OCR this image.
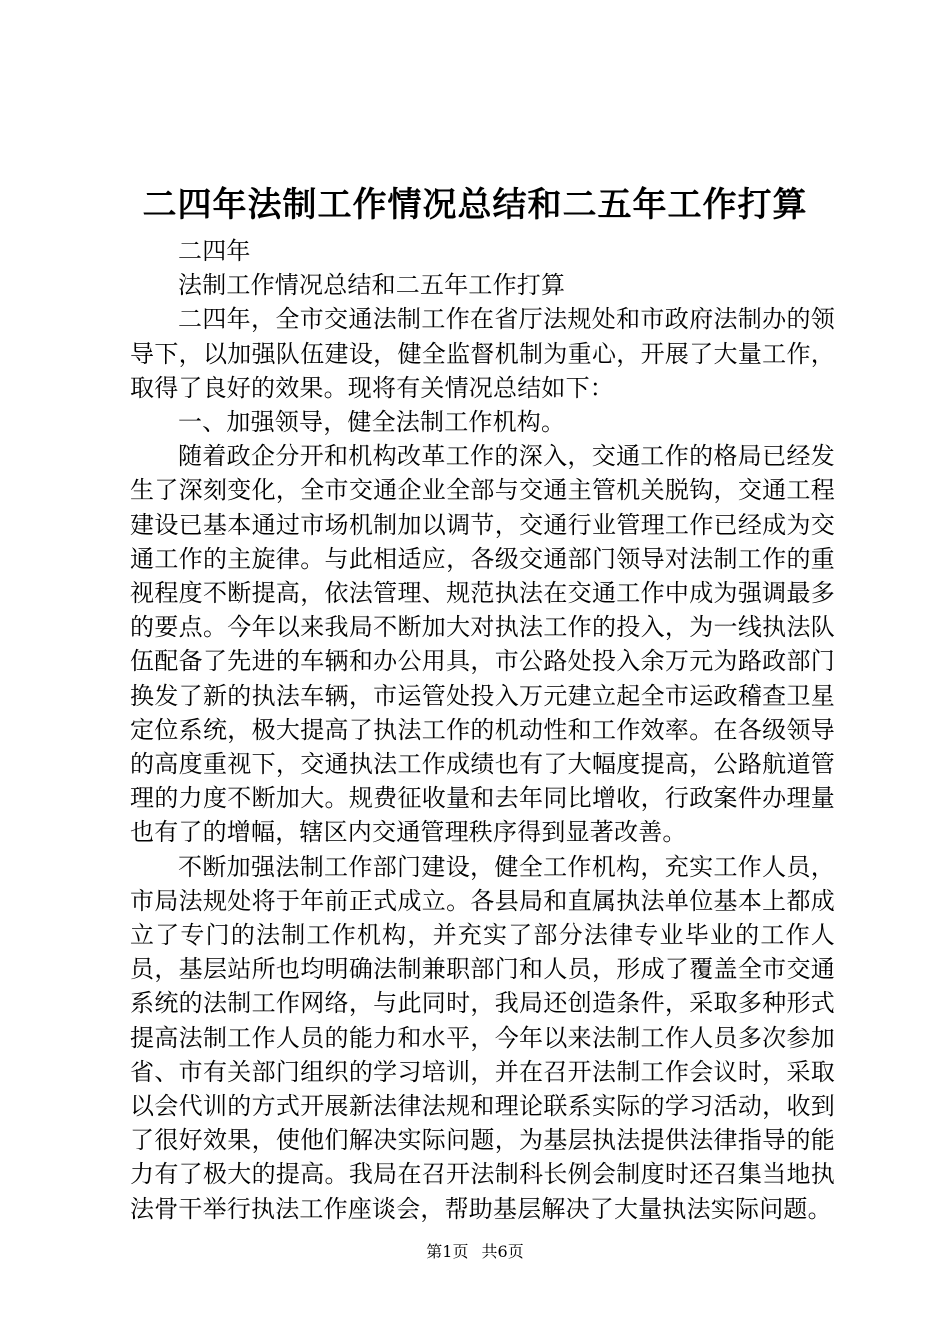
二四年法制工作情况总结和二五年工作打算

二四年

法制工作情况总结和二五年工作打算

二四年，全市交通法制工作在省厅法规处和市政府法制办的领导下，以加强队伍建设，健全监督机制为重心，开展了大量工作，取得了良好的效果。现将有关情况总结如下：

一、加强领导，健全法制工作机构。

随着政企分开和机构改革工作的深入，交通工作的格局已经发生了深刻变化，全市交通企业全部与交通主管机关脱钩，交通工程建设已基本通过市场机制加以调节，交通行业管理工作已经成为交通工作的主旋律。与此相适应，各级交通部门领导对法制工作的重视程度不断提高，依法管理、规范执法在交通工作中成为强调最多的要点。今年以来我局不断加大对执法工作的投入，为一线执法队伍配备了先进的车辆和办公用具，市公路处投入余万元为路政部门换发了新的执法车辆，市运管处投入万元建立起全市运政稽查卫星定位系统，极大提高了执法工作的机动性和工作效率。在各级领导的高度重视下，交通执法工作成绩也有了大幅度提高，公路航道管理的力度不断加大。规费征收量和去年同比增收，行政案件办理量也有了的增幅，辖区内交通管理秩序得到显著改善。

不断加强法制工作部门建设，健全工作机构，充实工作人员，市局法规处将于年前正式成立。各县局和直属执法单位基本上都成立了专门的法制工作机构，并充实了部分法律专业毕业的工作人员，基层站所也均明确法制兼职部门和人员，形成了覆盖全市交通系统的法制工作网络，与此同时，我局还创造条件，采取多种形式提高法制工作人员的能力和水平，今年以来法制工作人员多次参加省、市有关部门组织的学习培训，并在召开法制工作会议时，采取以会代训的方式开展新法律法规和理论联系实际的学习活动，收到了很好效果，使他们解决实际问题，为基层执法提供法律指导的能力有了极大的提高。我局在召开法制科长例会制度时还召集当地执法骨干举行执法工作座谈会，帮助基层解决了大量执法实际问题。

第1页 共6页
